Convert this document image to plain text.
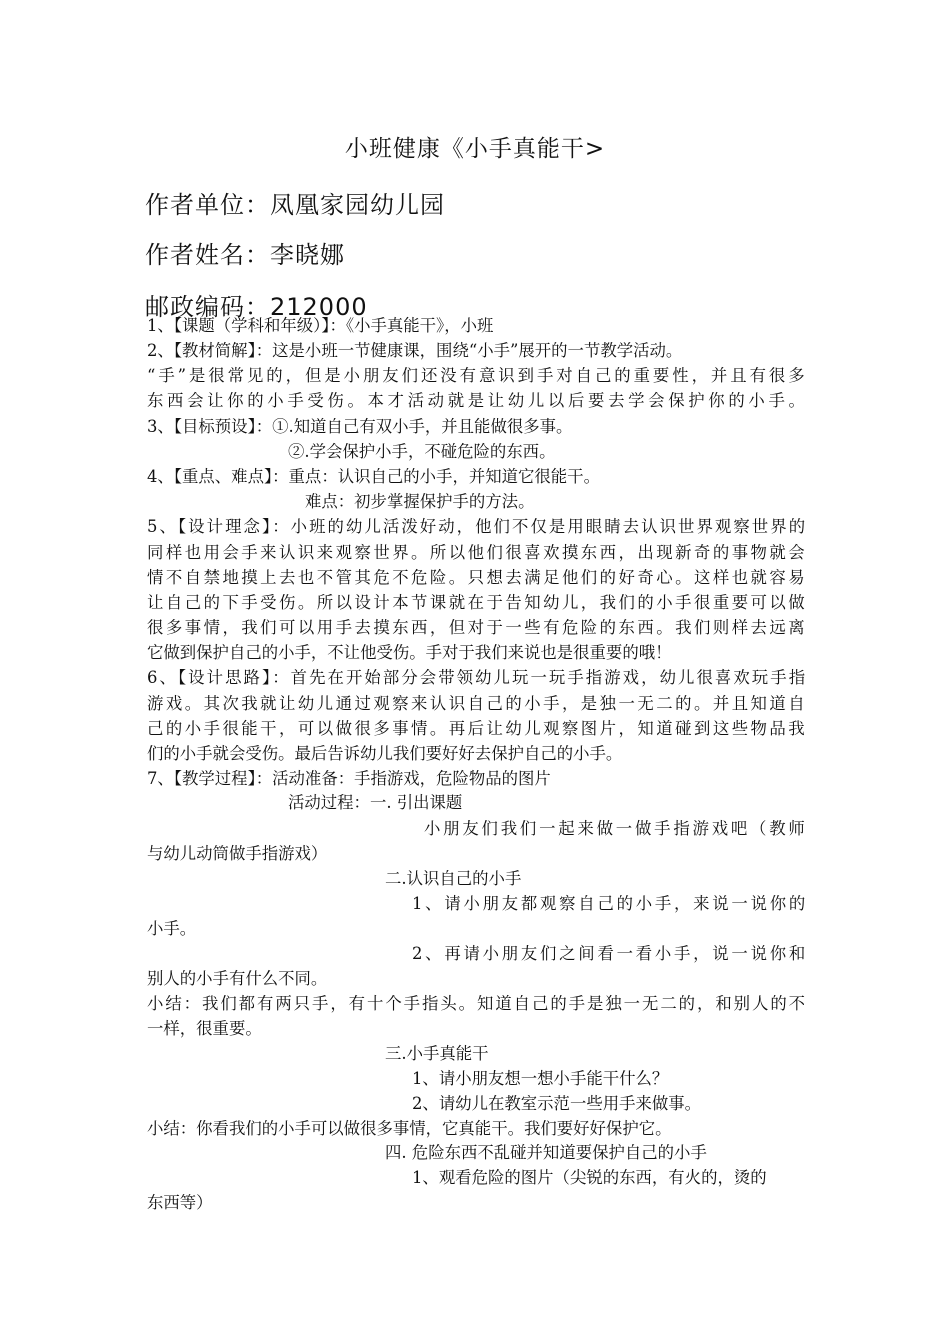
小班健康《小手真能干>
作者单位：凤凰家园幼儿园
作者姓名：李晓娜
邮政编码：212000
1、【课题（学科和年级）】：《小手真能干》，小班
2、【教材简解】：这是小班一节健康课，围绕“小手”展开的一节教学活动。
“手”是很常见的，但是小朋友们还没有意识到手对自己的重要性，并且有很多
东西会让你的小手受伤。本才活动就是让幼儿以后要去学会保护你的小手。
3、【目标预设】：①.知道自己有双小手，并且能做很多事。
②.学会保护小手，不碰危险的东西。
4、【重点、难点】：重点：认识自己的小手，并知道它很能干。
难点：初步掌握保护手的方法。
5、【设计理念】：小班的幼儿活泼好动，他们不仅是用眼睛去认识世界观察世界的
同样也用会手来认识来观察世界。所以他们很喜欢摸东西，出现新奇的事物就会
情不自禁地摸上去也不管其危不危险。只想去满足他们的好奇心。这样也就容易
让自己的下手受伤。所以设计本节课就在于告知幼儿，我们的小手很重要可以做
很多事情，我们可以用手去摸东西，但对于一些有危险的东西。我们则样去远离
它做到保护自己的小手，不让他受伤。手对于我们来说也是很重要的哦！
6、【设计思路】：首先在开始部分会带领幼儿玩一玩手指游戏，幼儿很喜欢玩手指
游戏。其次我就让幼儿通过观察来认识自己的小手，是独一无二的。并且知道自
己的小手很能干，可以做很多事情。再后让幼儿观察图片，知道碰到这些物品我
们的小手就会受伤。最后告诉幼儿我们要好好去保护自己的小手。
7、【教学过程】：活动准备：手指游戏，危险物品的图片
活动过程：一. 引出课题
小朋友们我们一起来做一做手指游戏吧（教师
与幼儿动筒做手指游戏）
二.认识自己的小手
1、请小朋友都观察自己的小手，来说一说你的
小手。
2、再请小朋友们之间看一看小手，说一说你和
别人的小手有什么不同。
小结：我们都有两只手，有十个手指头。知道自己的手是独一无二的，和别人的不
一样，很重要。
三.小手真能干
1、请小朋友想一想小手能干什么？
2、请幼儿在教室示范一些用手来做事。
小结：你看我们的小手可以做很多事情，它真能干。我们要好好保护它。
四. 危险东西不乱碰并知道要保护自己的小手
1、观看危险的图片（尖锐的东西，有火的，烫的
东西等）
